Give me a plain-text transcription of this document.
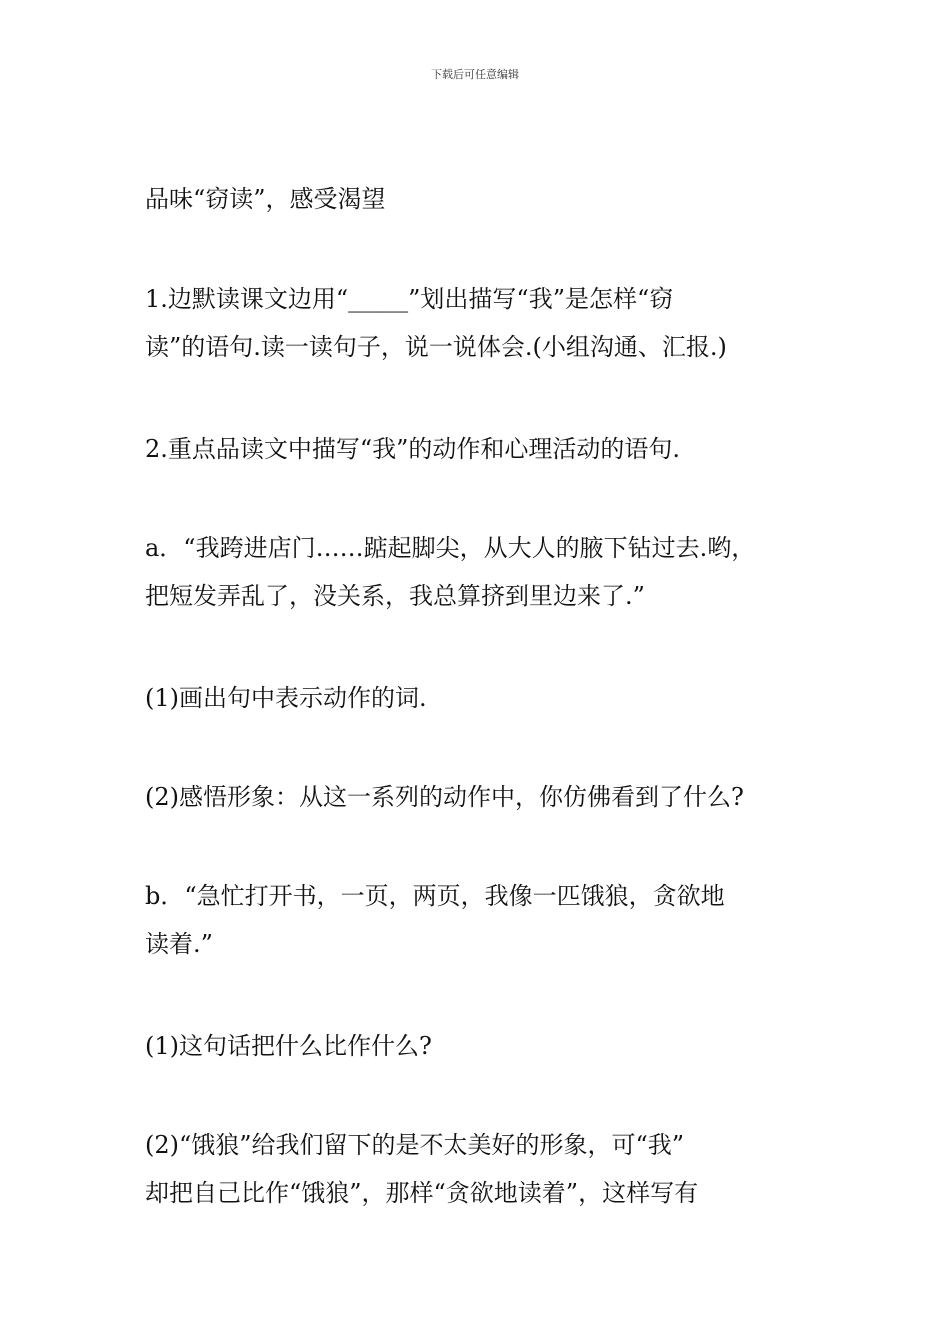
下载后可任意编辑
品味“窃读”，感受渴望
1.边默读课文边用“_____”划出描写“我”是怎样“窃
读”的语句.读一读句子，说一说体会.(小组沟通、汇报.)
2.重点品读文中描写“我”的动作和心理活动的语句.
a．“我跨进店门……踮起脚尖，从大人的腋下钻过去.哟，
把短发弄乱了，没关系，我总算挤到里边来了.”
(1)画出句中表示动作的词.
(2)感悟形象：从这一系列的动作中，你仿佛看到了什么?
b．“急忙打开书，一页，两页，我像一匹饿狼，贪欲地
读着.”
(1)这句话把什么比作什么?
(2)“饿狼”给我们留下的是不太美好的形象，可“我”
却把自己比作“饿狼”，那样“贪欲地读着”，这样写有
